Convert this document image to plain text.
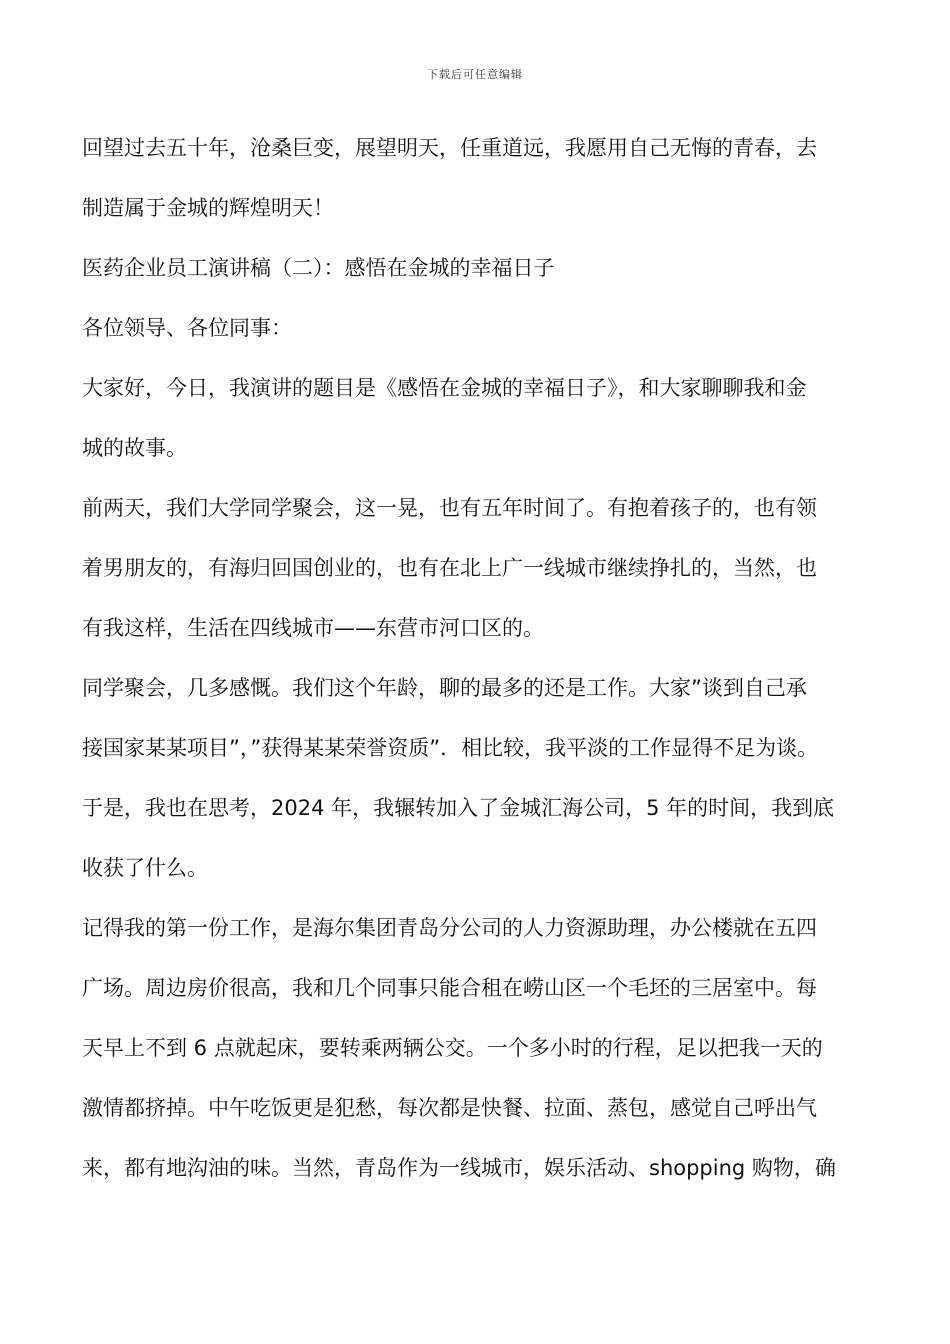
下载后可任意编辑
回望过去五十年，沧桑巨变，展望明天，任重道远，我愿用自己无悔的青春，去
制造属于金城的辉煌明天！
医药企业员工演讲稿（二）：感悟在金城的幸福日子
各位领导、各位同事：
大家好，今日，我演讲的题目是《感悟在金城的幸福日子》，和大家聊聊我和金
城的故事。
前两天，我们大学同学聚会，这一晃，也有五年时间了。有抱着孩子的，也有领
着男朋友的，有海归回国创业的，也有在北上广一线城市继续挣扎的，当然，也
有我这样，生活在四线城市——东营市河口区的。
同学聚会，几多感慨。我们这个年龄，聊的最多的还是工作。大家”谈到自己承
接国家某某项目”，”获得某某荣誉资质”．相比较，我平淡的工作显得不足为谈。
于是，我也在思考，2024 年，我辗转加入了金城汇海公司，5 年的时间，我到底
收获了什么。
记得我的第一份工作，是海尔集团青岛分公司的人力资源助理，办公楼就在五四
广场。周边房价很高，我和几个同事只能合租在崂山区一个毛坯的三居室中。每
天早上不到 6 点就起床，要转乘两辆公交。一个多小时的行程，足以把我一天的
激情都挤掉。中午吃饭更是犯愁，每次都是快餐、拉面、蒸包，感觉自己呼出气
来，都有地沟油的味。当然，青岛作为一线城市，娱乐活动、shopping 购物，确
